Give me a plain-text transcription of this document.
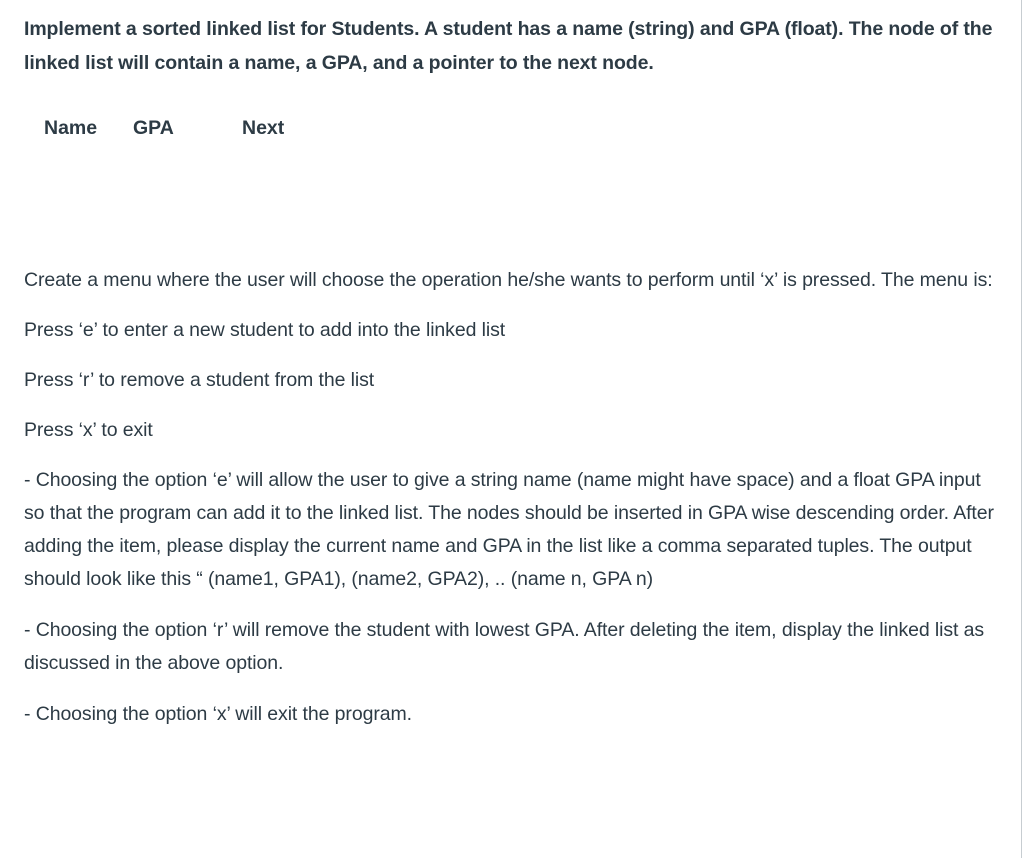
Implement a sorted linked list for Students. A student has a name (string) and GPA (float). The node of the linked list will contain a name, a GPA, and a pointer to the next node.

Name GPA	Next

Create a menu where the user will choose the operation he/she wants to perform until ‘x’ is pressed. The menu is:

Press ‘e’ to enter a new student to add into the linked list

Press ‘r’ to remove a student from the list

Press ‘x’ to exit

- Choosing the option ‘e’ will allow the user to give a string name (name might have space) and a float GPA input so that the program can add it to the linked list. The nodes should be inserted in GPA wise descending order. After adding the item, please display the current name and GPA in the list like a comma separated tuples. The output should look like this “ (name1, GPA1), (name2, GPA2), .. (name n, GPA n)

- Choosing the option ‘r’ will remove the student with lowest GPA. After deleting the item, display the linked list as discussed in the above option.

- Choosing the option ‘x’ will exit the program.
